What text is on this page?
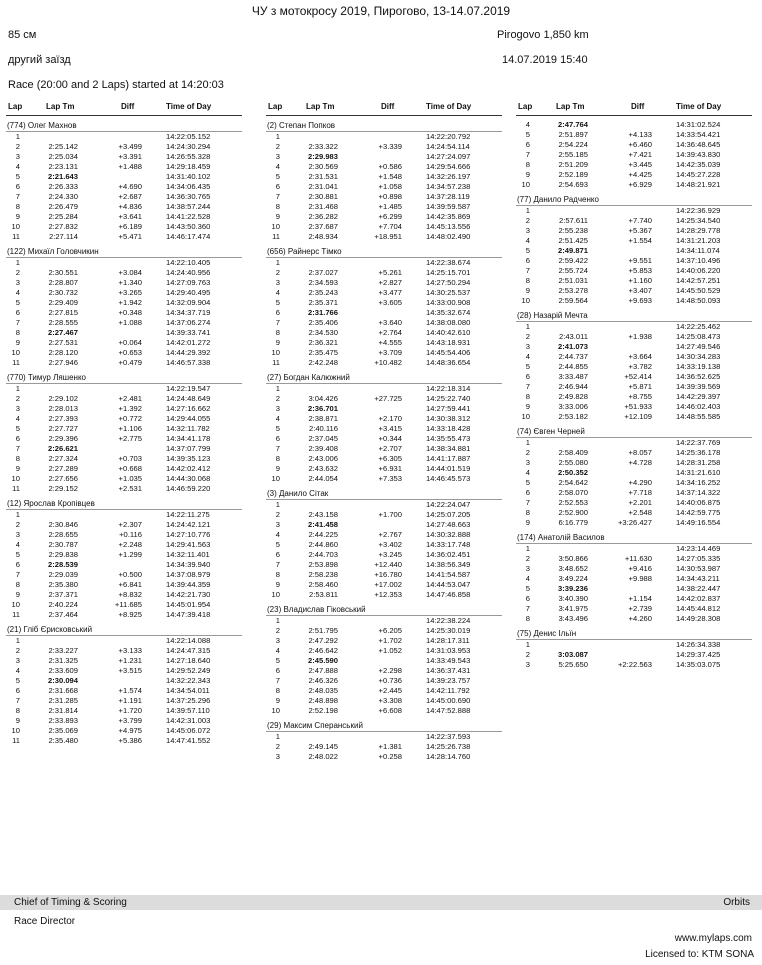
ЧУ з мотокросу 2019, Пирогово, 13-14.07.2019
85 см
другий заїзд
Race (20:00 and 2 Laps) started at 14:20:03
Pirogovo 1,850 km
14.07.2019 15:40
Lap	Lap Tm	Diff	Time of Day
(774) Олег Махнов
1	14:22:05.152
2	2:25.142	+3.499	14:24:30.294
3	2:25.034	+3.391	14:26:55.328
4	2:23.131	+1.488	14:29:18.459
5	2:21.643	14:31:40.102
6	2:26.333	+4.690	14:34:06.435
7	2:24.330	+2.687	14:36:30.765
8	2:26.479	+4.836	14:38:57.244
9	2:25.284	+3.641	14:41:22.528
10	2:27.832	+6.189	14:43:50.360
11	2:27.114	+5.471	14:46:17.474
(122) Михаїл Головчикин
1	14:22:10.405
2	2:30.551	+3.084	14:24:40.956
3	2:28.807	+1.340	14:27:09.763
4	2:30.732	+3.265	14:29:40.495
5	2:29.409	+1.942	14:32:09.904
6	2:27.815	+0.348	14:34:37.719
7	2:28.555	+1.088	14:37:06.274
8	2:27.467	14:39:33.741
9	2:27.531	+0.064	14:42:01.272
10	2:28.120	+0.653	14:44:29.392
11	2:27.946	+0.479	14:46:57.338
(770) Тимур Ляшенко
1	14:22:19.547
2	2:29.102	+2.481	14:24:48.649
3	2:28.013	+1.392	14:27:16.662
4	2:27.393	+0.772	14:29:44.055
5	2:27.727	+1.106	14:32:11.782
6	2:29.396	+2.775	14:34:41.178
7	2:26.621	14:37:07.799
8	2:27.324	+0.703	14:39:35.123
9	2:27.289	+0.668	14:42:02.412
10	2:27.656	+1.035	14:44:30.068
11	2:29.152	+2.531	14:46:59.220
(12) Ярослав Кропівцев
1	14:22:11.275
2	2:30.846	+2.307	14:24:42.121
3	2:28.655	+0.116	14:27:10.776
4	2:30.787	+2.248	14:29:41.563
5	2:29.838	+1.299	14:32:11.401
6	2:28.539	14:34:39.940
7	2:29.039	+0.500	14:37:08.979
8	2:35.380	+6.841	14:39:44.359
9	2:37.371	+8.832	14:42:21.730
10	2:40.224	+11.685	14:45:01.954
11	2:37.464	+8.925	14:47:39.418
(21) Гліб Єрисковський
1	14:22:14.088
2	2:33.227	+3.133	14:24:47.315
3	2:31.325	+1.231	14:27:18.640
4	2:33.609	+3.515	14:29:52.249
5	2:30.094	14:32:22.343
6	2:31.668	+1.574	14:34:54.011
7	2:31.285	+1.191	14:37:25.296
8	2:31.814	+1.720	14:39:57.110
9	2:33.893	+3.799	14:42:31.003
10	2:35.069	+4.975	14:45:06.072
11	2:35.480	+5.386	14:47:41.552
Lap	Lap Tm	Diff	Time of Day
(2) Степан Попков
1	14:22:20.792
2	2:33.322	+3.339	14:24:54.114
3	2:29.983	14:27:24.097
4	2:30.569	+0.586	14:29:54.666
5	2:31.531	+1.548	14:32:26.197
6	2:31.041	+1.058	14:34:57.238
7	2:30.881	+0.898	14:37:28.119
8	2:31.468	+1.485	14:39:59.587
9	2:36.282	+6.299	14:42:35.869
10	2:37.687	+7.704	14:45:13.556
11	2:48.934	+18.951	14:48:02.490
(656) Райнерс Тімко
1	14:22:38.674
2	2:37.027	+5.261	14:25:15.701
3	2:34.593	+2.827	14:27:50.294
4	2:35.243	+3.477	14:30:25.537
5	2:35.371	+3.605	14:33:00.908
6	2:31.766	14:35:32.674
7	2:35.406	+3.640	14:38:08.080
8	2:34.530	+2.764	14:40:42.610
9	2:36.321	+4.555	14:43:18.931
10	2:35.475	+3.709	14:45:54.406
11	2:42.248	+10.482	14:48:36.654
(27) Богдан Калюжний
1	14:22:18.314
2	3:04.426	+27.725	14:25:22.740
3	2:36.701	14:27:59.441
4	2:38.871	+2.170	14:30:38.312
5	2:40.116	+3.415	14:33:18.428
6	2:37.045	+0.344	14:35:55.473
7	2:39.408	+2.707	14:38:34.881
8	2:43.006	+6.305	14:41:17.887
9	2:43.632	+6.931	14:44:01.519
10	2:44.054	+7.353	14:46:45.573
(3) Данило Сітак
1	14:22:24.047
2	2:43.158	+1.700	14:25:07.205
3	2:41.458	14:27:48.663
4	2:44.225	+2.767	14:30:32.888
5	2:44.860	+3.402	14:33:17.748
6	2:44.703	+3.245	14:36:02.451
7	2:53.898	+12.440	14:38:56.349
8	2:58.238	+16.780	14:41:54.587
9	2:58.460	+17.002	14:44:53.047
10	2:53.811	+12.353	14:47:46.858
(23) Владислав Гіковський
1	14:22:38.224
2	2:51.795	+6.205	14:25:30.019
3	2:47.292	+1.702	14:28:17.311
4	2:46.642	+1.052	14:31:03.953
5	2:45.590	14:33:49.543
6	2:47.888	+2.298	14:36:37.431
7	2:46.326	+0.736	14:39:23.757
8	2:48.035	+2.445	14:42:11.792
9	2:48.898	+3.308	14:45:00.690
10	2:52.198	+6.608	14:47:52.888
(29) Максим Сперанський
1	14:22:37.593
2	2:49.145	+1.381	14:25:26.738
3	2:48.022	+0.258	14:28:14.760
Lap	Lap Tm	Diff	Time of Day
4	2:47.764	14:31:02.524
5	2:51.897	+4.133	14:33:54.421
6	2:54.224	+6.460	14:36:48.645
7	2:55.185	+7.421	14:39:43.830
8	2:51.209	+3.445	14:42:35.039
9	2:52.189	+4.425	14:45:27.228
10	2:54.693	+6.929	14:48:21.921
(77) Данило Радченко
1	14:22:36.929
2	2:57.611	+7.740	14:25:34.540
3	2:55.238	+5.367	14:28:29.778
4	2:51.425	+1.554	14:31:21.203
5	2:49.871	14:34:11.074
6	2:59.422	+9.551	14:37:10.496
7	2:55.724	+5.853	14:40:06.220
8	2:51.031	+1.160	14:42:57.251
9	2:53.278	+3.407	14:45:50.529
10	2:59.564	+9.693	14:48:50.093
(28) Назарій Мечта
1	14:22:25.462
2	2:43.011	+1.938	14:25:08.473
3	2:41.073	14:27:49.546
4	2:44.737	+3.664	14:30:34.283
5	2:44.855	+3.782	14:33:19.138
6	3:33.487	+52.414	14:36:52.625
7	2:46.944	+5.871	14:39:39.569
8	2:49.828	+8.755	14:42:29.397
9	3:33.006	+51.933	14:46:02.403
10	2:53.182	+12.109	14:48:55.585
(74) Євген Черней
1	14:22:37.769
2	2:58.409	+8.057	14:25:36.178
3	2:55.080	+4.728	14:28:31.258
4	2:50.352	14:31:21.610
5	2:54.642	+4.290	14:34:16.252
6	2:58.070	+7.718	14:37:14.322
7	2:52.553	+2.201	14:40:06.875
8	2:52.900	+2.548	14:42:59.775
9	6:16.779	+3:26.427	14:49:16.554
(174) Анатолій Василов
1	14:23:14.469
2	3:50.866	+11.630	14:27:05.335
3	3:48.652	+9.416	14:30:53.987
4	3:49.224	+9.988	14:34:43.211
5	3:39.236	14:38:22.447
6	3:40.390	+1.154	14:42:02.837
7	3:41.975	+2.739	14:45:44.812
8	3:43.496	+4.260	14:49:28.308
(75) Денис Ільїн
1	14:26:34.338
2	3:03.087	14:29:37.425
3	5:25.650	+2:22.563	14:35:03.075
Chief of Timing & Scoring	Orbits
Race Director
www.mylaps.com
Licensed to: KTM SONA
